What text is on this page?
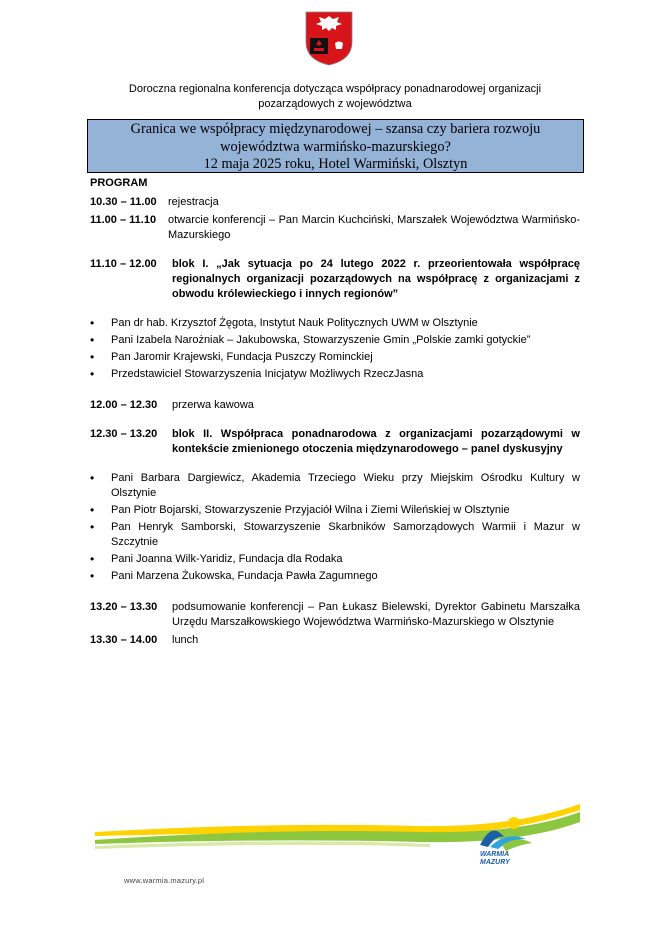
Doroczna regionalna konferencja dotycząca współpracy ponadnarodowej organizacji
pozarządowych z województwa
Granica we współpracy międzynarodowej – szansa czy bariera rozwoju
województwa warmińsko-mazurskiego?
12 maja 2025 roku, Hotel Warmiński, Olsztyn
PROGRAM
10.30 – 11.00	rejestracja
11.00 – 11.10	otwarcie konferencji – Pan Marcin Kuchciński, Marszałek Województwa Warmińsko-Mazurskiego
11.10 – 12.00	blok I. „Jak sytuacja po 24 lutego 2022 r. przeorientowała współpracę regionalnych organizacji pozarządowych na współpracę z organizacjami z obwodu królewieckiego i innych regionów”
• Pan dr hab. Krzysztof Żęgota, Instytut Nauk Politycznych UWM w Olsztynie
• Pani Izabela Narożniak – Jakubowska, Stowarzyszenie Gmin „Polskie zamki gotyckie”
• Pan Jaromir Krajewski, Fundacja Puszczy Rominckiej
• Przedstawiciel Stowarzyszenia Inicjatyw Możliwych RzeczJasna
12.00 – 12.30	przerwa kawowa
12.30 – 13.20	blok II. Współpraca ponadnarodowa z organizacjami pozarządowymi w kontekście zmienionego otoczenia międzynarodowego – panel dyskusyjny
• Pani Barbara Dargiewicz, Akademia Trzeciego Wieku przy Miejskim Ośrodku Kultury w Olsztynie
• Pan Piotr Bojarski, Stowarzyszenie Przyjaciół Wilna i Ziemi Wileńskiej w Olsztynie
• Pan Henryk Samborski, Stowarzyszenie Skarbników Samorządowych Warmii i Mazur w Szczytnie
• Pani Joanna Wilk-Yaridiz, Fundacja dla Rodaka
• Pani Marzena Żukowska, Fundacja Pawła Zagumnego
13.20 – 13.30	podsumowanie konferencji – Pan Łukasz Bielewski, Dyrektor Gabinetu Marszałka Urzędu Marszałkowskiego Województwa Warmińsko-Mazurskiego w Olsztynie
13.30 – 14.00	lunch
WARMIA
MAZURY
www.warmia.mazury.pl
